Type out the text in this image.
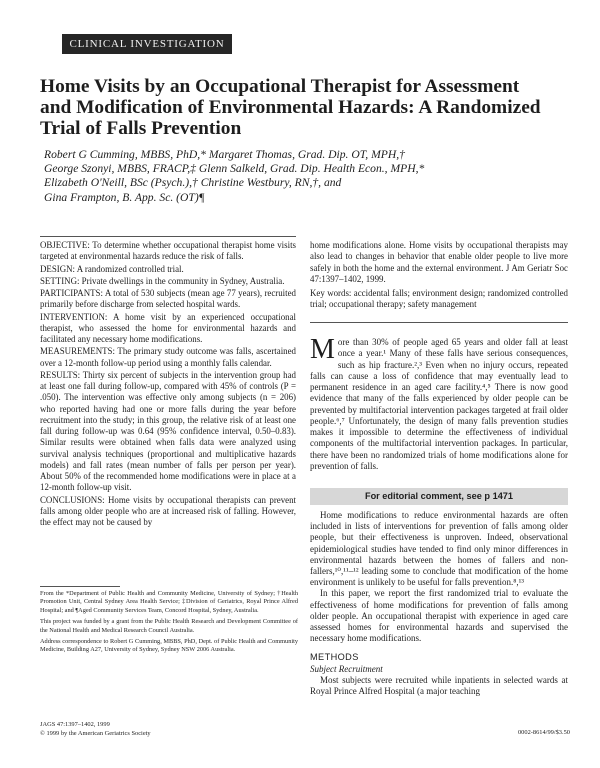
CLINICAL INVESTIGATION
Home Visits by an Occupational Therapist for Assessment
and Modification of Environmental Hazards: A Randomized
Trial of Falls Prevention
Robert G Cumming, MBBS, PhD,* Margaret Thomas, Grad. Dip. OT, MPH,†
George Szonyi, MBBS, FRACP,‡ Glenn Salkeld, Grad. Dip. Health Econ., MPH,*
Elizabeth O'Neill, BSc (Psych.),† Christine Westbury, RN,†, and
Gina Frampton, B. App. Sc. (OT)¶

OBJECTIVE: To determine whether occupational therapist home visits targeted at environmental hazards reduce the risk of falls.

DESIGN: A randomized controlled trial.

SETTING: Private dwellings in the community in Sydney, Australia.

PARTICIPANTS: A total of 530 subjects (mean age 77 years), recruited primarily before discharge from selected hospital wards.

INTERVENTION: A home visit by an experienced occupational therapist, who assessed the home for environmental hazards and facilitated any necessary home modifications.

MEASUREMENTS: The primary study outcome was falls, ascertained over a 12-month follow-up period using a monthly falls calendar.

RESULTS: Thirty six percent of subjects in the intervention group had at least one fall during follow-up, compared with 45% of controls (P = .050). The intervention was effective only among subjects (n = 206) who reported having had one or more falls during the year before recruitment into the study; in this group, the relative risk of at least one fall during follow-up was 0.64 (95% confidence interval, 0.50–0.83). Similar results were obtained when falls data were analyzed using survival analysis techniques (proportional and multiplicative hazards models) and fall rates (mean number of falls per person per year). About 50% of the recommended home modifications were in place at a 12-month follow-up visit.

CONCLUSIONS: Home visits by occupational therapists can prevent falls among older people who are at increased risk of falling. However, the effect may not be caused by

home modifications alone. Home visits by occupational therapists may also lead to changes in behavior that enable older people to live more safely in both the home and the external environment. J Am Geriatr Soc 47:1397–1402, 1999.

Key words: accidental falls; environment design; randomized controlled trial; occupational therapy; safety management

More than 30% of people aged 65 years and older fall at least once a year.¹ Many of these falls have serious consequences, such as hip fracture.²,³ Even when no injury occurs, repeated falls can cause a loss of confidence that may eventually lead to permanent residence in an aged care facility.⁴,⁵ There is now good evidence that many of the falls experienced by older people can be prevented by multifactorial intervention packages targeted at frail older people.⁶,⁷ Unfortunately, the design of many falls prevention studies makes it impossible to determine the effectiveness of individual components of the multifactorial intervention packages. In particular, there have been no randomized trials of home modifications alone for prevention of falls.

For editorial comment, see p 1471

Home modifications to reduce environmental hazards are often included in lists of interventions for prevention of falls among older people, but their effectiveness is unproven. Indeed, observational epidemiological studies have tended to find only minor differences in environmental hazards between the homes of fallers and non-fallers,¹⁰,¹¹–¹² leading some to conclude that modification of the home environment is unlikely to be useful for falls prevention.⁸,¹³

In this paper, we report the first randomized trial to evaluate the effectiveness of home modifications for prevention of falls among older people. An occupational therapist with experience in aged care assessed homes for environmental hazards and supervised the necessary home modifications.

METHODS

Subject Recruitment

Most subjects were recruited while inpatients in selected wards at Royal Prince Alfred Hospital (a major teaching

From the *Department of Public Health and Community Medicine, University of Sydney; †Health Promotion Unit, Central Sydney Area Health Service; ‡Division of Geriatrics, Royal Prince Alfred Hospital; and ¶Aged Community Services Team, Concord Hospital, Sydney, Australia.

This project was funded by a grant from the Public Health Research and Development Committee of the National Health and Medical Research Council Australia.

Address correspondence to Robert G Cumming, MBBS, PhD, Dept. of Public Health and Community Medicine, Building A27, University of Sydney, Sydney NSW 2006 Australia.

JAGS 47:1397–1402, 1999
© 1999 by the American Geriatrics Society	0002-8614/99/$3.50
